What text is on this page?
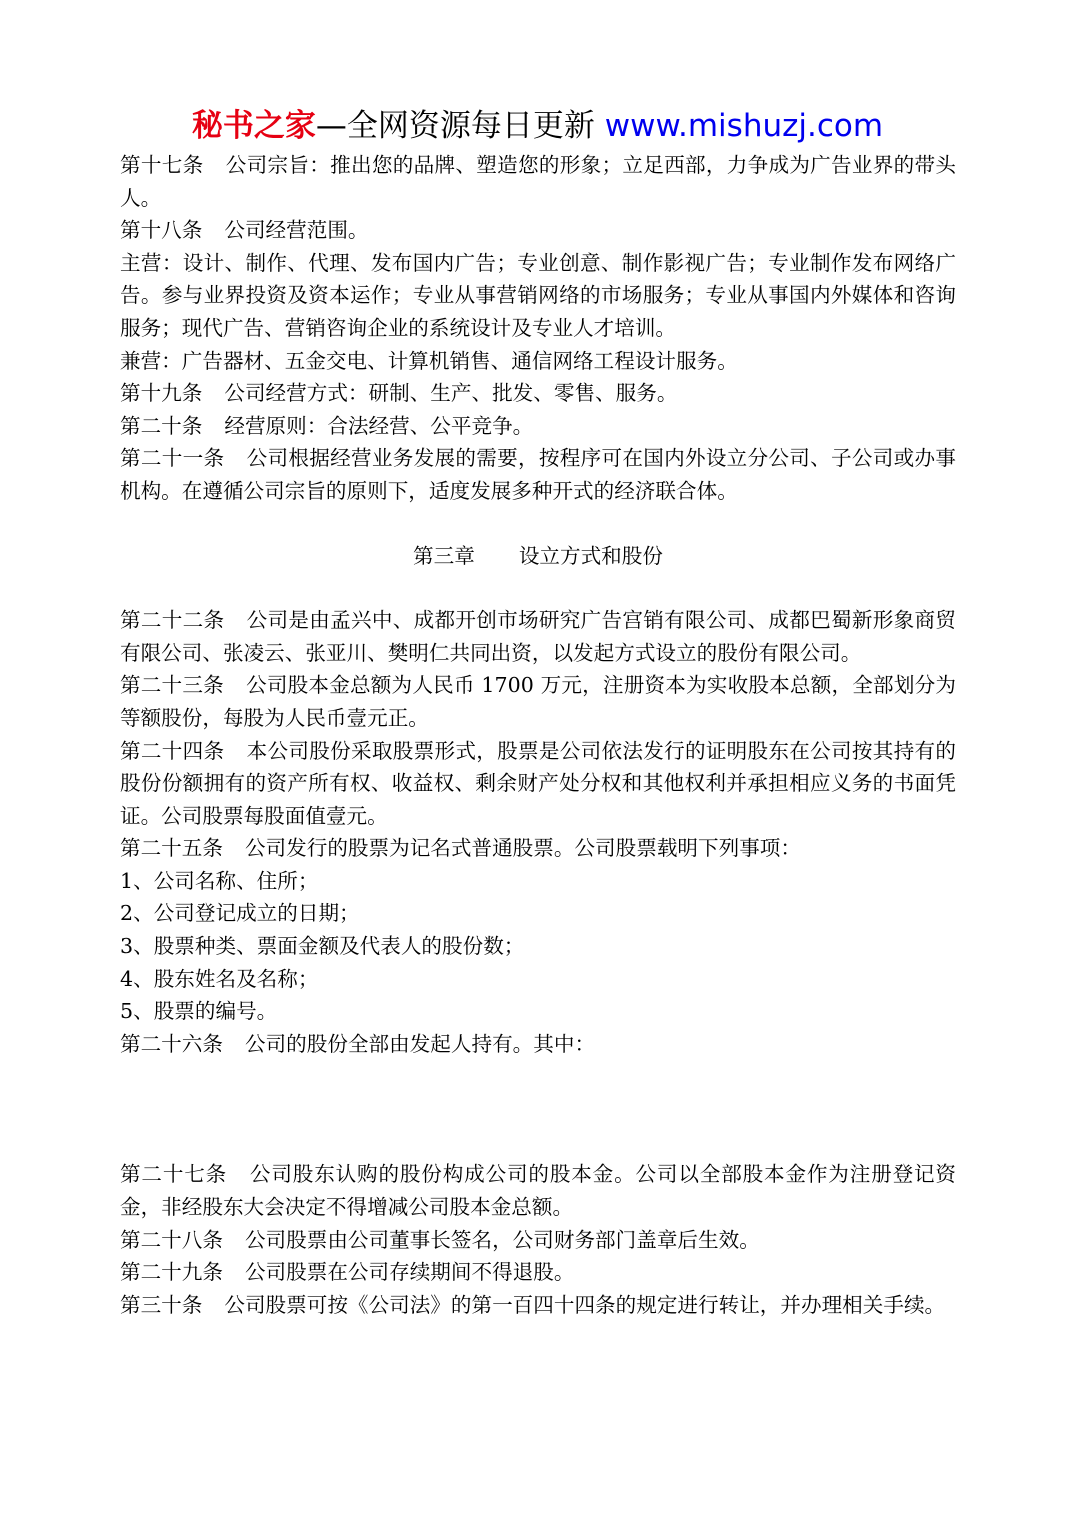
秘书之家—全网资源每日更新 www.mishuzj.com

第十七条 公司宗旨：推出您的品牌、塑造您的形象；立足西部，力争成为广告业界的带头人。

第十八条 公司经营范围。

主营：设计、制作、代理、发布国内广告；专业创意、制作影视广告；专业制作发布网络广告。参与业界投资及资本运作；专业从事营销网络的市场服务；专业从事国内外媒体和咨询服务；现代广告、营销咨询企业的系统设计及专业人才培训。

兼营：广告器材、五金交电、计算机销售、通信网络工程设计服务。

第十九条 公司经营方式：研制、生产、批发、零售、服务。

第二十条 经营原则：合法经营、公平竞争。

第二十一条 公司根据经营业务发展的需要，按程序可在国内外设立分公司、子公司或办事机构。在遵循公司宗旨的原则下，适度发展多种开式的经济联合体。

第三章 设立方式和股份

第二十二条 公司是由孟兴中、成都开创市场研究广告宫销有限公司、成都巴蜀新形象商贸有限公司、张凌云、张亚川、樊明仁共同出资，以发起方式设立的股份有限公司。

第二十三条 公司股本金总额为人民币 1700 万元，注册资本为实收股本总额，全部划分为等额股份，每股为人民币壹元正。

第二十四条 本公司股份采取股票形式，股票是公司依法发行的证明股东在公司按其持有的股份份额拥有的资产所有权、收益权、剩余财产处分权和其他权利并承担相应义务的书面凭证。公司股票每股面值壹元。

第二十五条 公司发行的股票为记名式普通股票。公司股票载明下列事项：

1、公司名称、住所；

2、公司登记成立的日期；

3、股票种类、票面金额及代表人的股份数；

4、股东姓名及名称；

5、股票的编号。

第二十六条 公司的股份全部由发起人持有。其中：

第二十七条 公司股东认购的股份构成公司的股本金。公司以全部股本金作为注册登记资金，非经股东大会决定不得增减公司股本金总额。

第二十八条 公司股票由公司董事长签名，公司财务部门盖章后生效。

第二十九条 公司股票在公司存续期间不得退股。

第三十条 公司股票可按《公司法》的第一百四十四条的规定进行转让，并办理相关手续。
